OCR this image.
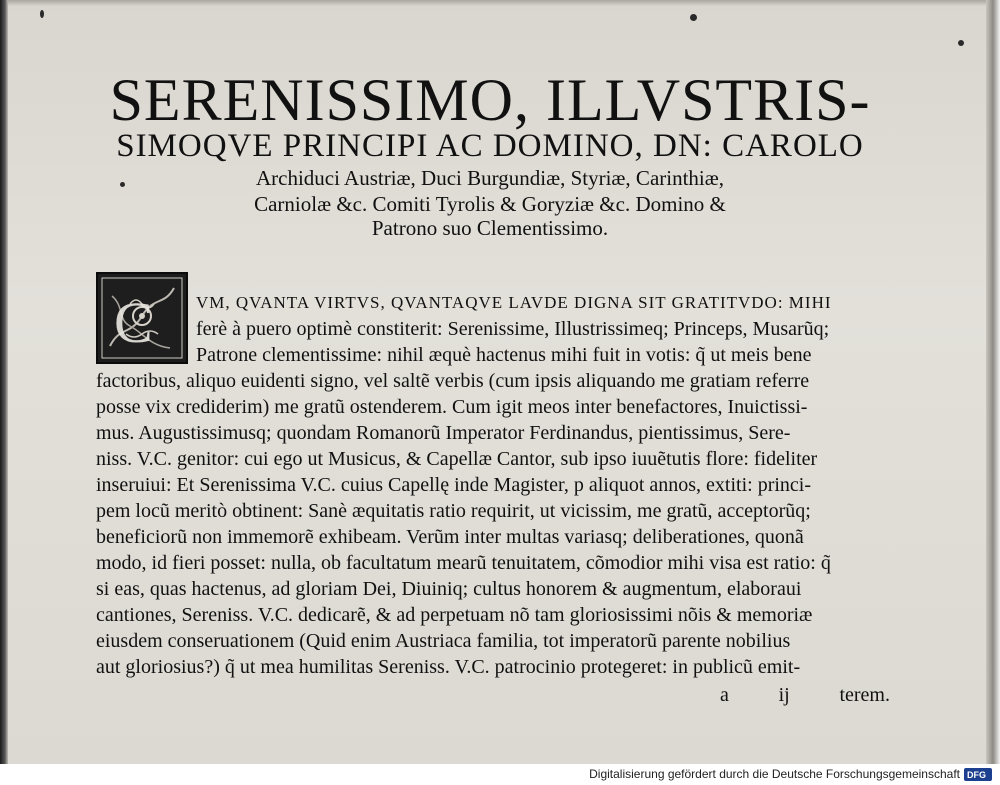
SERENISSIMO, ILLVSTRIS-
SIMOQVE PRINCIPI AC DOMINO, DN: CAROLO
Archiduci Austriæ, Duci Burgundiæ, Styriæ, Carinthiæ,
Carniolæ &c. Comiti Tyrolis & Goryziæ &c. Domino &
Patrono suo Clementissimo.
C	VM, QVANTA VIRTVS, QVANTAQVE LAVDE DIGNA SIT GRATITVDO: MIHI
ferè à puero optimè constiterit: Serenissime, Illustrissimeq; Princeps, Musarũq;
Patrone clementissime: nihil æquè hactenus mihi fuit in votis: q̃ ut meis bene
factoribus, aliquo euidenti signo, vel saltẽ verbis (cum ipsis aliquando me gratiam referre
posse vix crediderim) me gratũ ostenderem. Cum igit meos inter benefactores, Inuictissi-
mus. Augustissimusq; quondam Romanorũ Imperator Ferdinandus, pientissimus, Sere-
niss. V.C. genitor: cui ego ut Musicus, & Capellæ Cantor, sub ipso iuuẽtutis flore: fideliter
inseruiui: Et Serenissima V.C. cuius Capellę inde Magister, p aliquot annos, extiti: princi-
pem locũ meritò obtinent: Sanè æquitatis ratio requirit, ut vicissim, me gratũ, acceptorũq;
beneficiorũ non immemorẽ exhibeam. Verũm inter multas variasq; deliberationes, quonã
modo, id fieri posset: nulla, ob facultatum mearũ tenuitatem, cõmodior mihi visa est ratio: q̃
si eas, quas hactenus, ad gloriam Dei, Diuiniq; cultus honorem & augmentum, elaboraui
cantiones, Sereniss. V.C. dedicarẽ, & ad perpetuam nõ tam gloriosissimi nõis & memoriæ
eiusdem conseruationem (Quid enim Austriaca familia, tot imperatorũ parente nobilius
aut gloriosius?) q̃ ut mea humilitas Sereniss. V.C. patrocinio protegeret: in publicũ emit-
a ij terem.
Digitalisierung gefördert durch die Deutsche Forschungsgemeinschaft DFG
